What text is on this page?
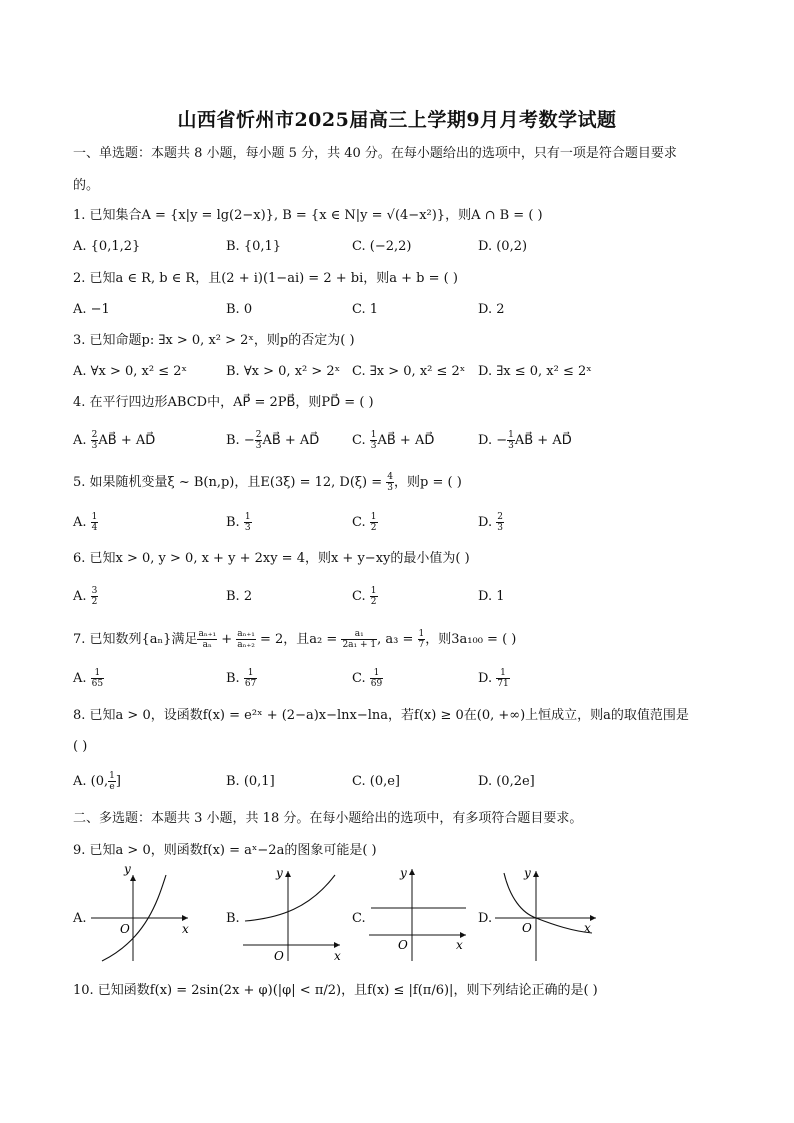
山西省忻州市2025届高三上学期9月月考数学试题
一、单选题：本题共 8 小题，每小题 5 分，共 40 分。在每小题给出的选项中，只有一项是符合题目要求
的。
1. 已知集合A = {x|y = lg(2−x)}, B = {x ∈ N|y = √(4−x²)}，则A ∩ B = ( )
A. {0,1,2}	B. {0,1}	C. (−2,2)	D. (0,2)
2. 已知a ∈ R, b ∈ R，且(2 + i)(1−ai) = 2 + bi，则a + b = ( )
A. −1	B. 0	C. 1	D. 2
3. 已知命题p: ∃x > 0, x² > 2ˣ，则p的否定为( )
A. ∀x > 0, x² ≤ 2ˣ	B. ∀x > 0, x² > 2ˣ C. ∃x > 0, x² ≤ 2ˣ D. ∃x ≤ 0, x² ≤ 2ˣ
4. 在平行四边形ABCD中，AP⃗ = 2PB⃗，则PD⃗ = ( )
A. $\frac{2}{3}$ AB⃗ + AD⃗	B. − $\frac{2}{3}$ AB⃗ + AD⃗	C. $\frac{1}{3}$ AB⃗ + AD⃗	D. − $\frac{1}{3}$ AB⃗ + AD⃗
5. 如果随机变量ξ ~ B(n,p)，且E(3ξ) = 12, $D(\xi) = \frac{4}{3}$ ，则p = ( )
A. $\frac{1}{4}$	B. $\frac{1}{3}$	C. $\frac{1}{2}$	D. $\frac{2}{3}$
6. 已知x > 0, y > 0, x + y + 2xy = 4，则x + y−xy的最小值为( )
A. $\frac{3}{2}$	B. 2	C. $\frac{1}{2}$	D. 1
7. 已知数列{aₙ}满足 $\frac{\text{aₙ₊₁}}{\text{aₙ}} + \frac{\text{aₙ₊₁}}{\text{aₙ₊₂}} = 2$，且$a_2 = \frac{\text{a₁}}{\text{2a₁ + 1}}$ , $a_3 = \frac{1}{7}$ ，则3a₁₀₀ = ( )
A. $\frac{1}{65}$	B. $\frac{1}{67}$	C. $\frac{1}{69}$	D. $\frac{1}{71}$
8. 已知a > 0，设函数f(x) = e²ˣ + (2−a)x−lnx−lna，若f(x) ≥ 0在(0, +∞)上恒成立，则a的取值范围是
( )
A. (0, $\frac{1}{e}$ ]	B. (0,1]	C. (0,e]	D. (0,2e]
二、多选题：本题共 3 小题，共 18 分。在每小题给出的选项中，有多项符合题目要求。
9. 已知a > 0，则函数f(x) = aˣ−2a的图象可能是( )
A.
y
x
O
B.
y
x
O
C.
y
x
O
D.
y
x
O
10. 已知函数f(x) = 2sin(2x + φ)(|φ| < π/2)，且f(x) ≤ |f(π/6)|，则下列结论正确的是( )
